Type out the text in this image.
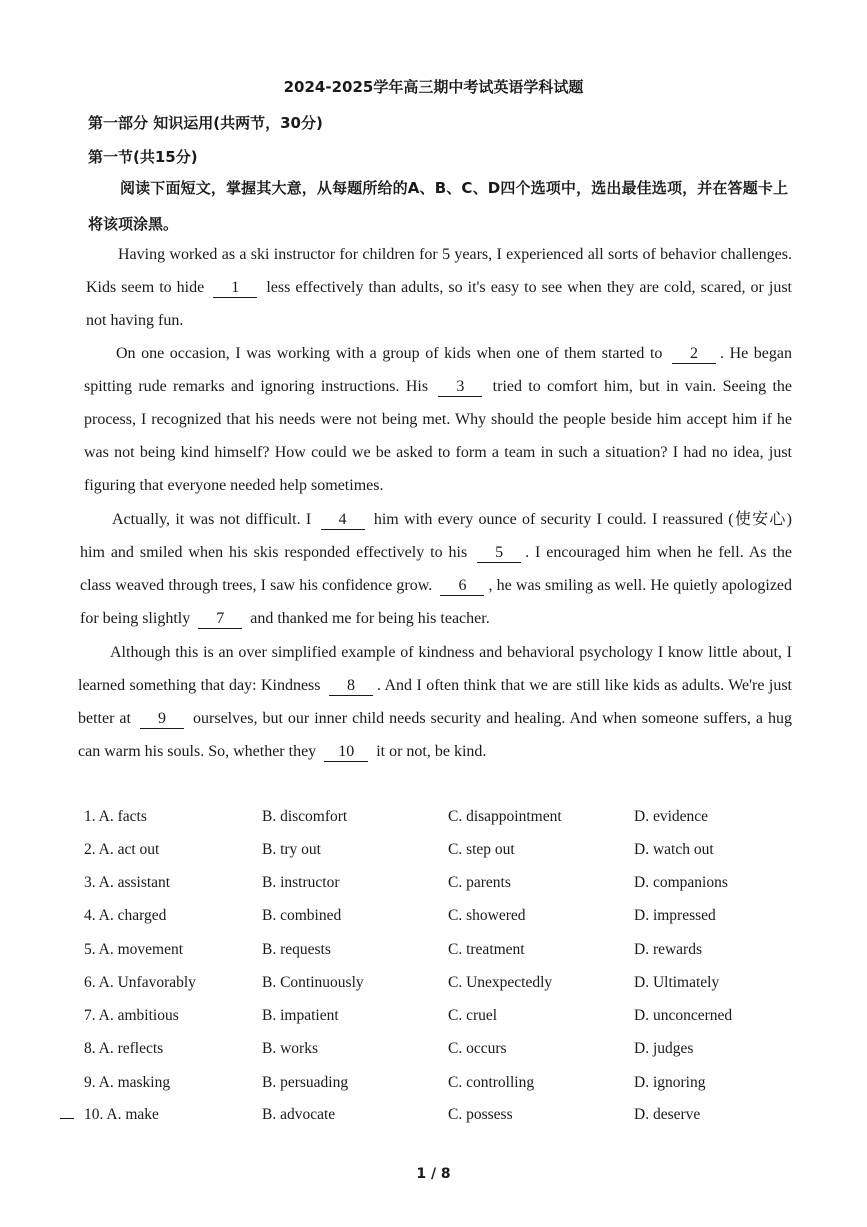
2024-2025学年高三期中考试英语学科试题
第一部分 知识运用(共两节，30分)
第一节(共15分)
阅读下面短文，掌握其大意，从每题所给的A、B、C、D四个选项中，选出最佳选项，并在答题卡上将该项涂黑。
Having worked as a ski instructor for children for 5 years, I experienced all sorts of behavior challenges. Kids seem to hide 1 less effectively than adults, so it's easy to see when they are cold, scared, or just not having fun.
On one occasion, I was working with a group of kids when one of them started to 2 . He began spitting rude remarks and ignoring instructions. His 3 tried to comfort him, but in vain. Seeing the process, I recognized that his needs were not being met. Why should the people beside him accept him if he was not being kind himself? How could we be asked to form a team in such a situation? I had no idea, just figuring that everyone needed help sometimes.
Actually, it was not difficult. I 4 him with every ounce of security I could. I reassured (使安心) him and smiled when his skis responded effectively to his 5 . I encouraged him when he fell. As the class weaved through trees, I saw his confidence grow. 6 , he was smiling as well. He quietly apologized for being slightly 7 and thanked me for being his teacher.
Although this is an over simplified example of kindness and behavioral psychology I know little about, I learned something that day: Kindness 8 . And I often think that we are still like kids as adults. We're just better at 9 ourselves, but our inner child needs security and healing. And when someone suffers, a hug can warm his souls. So, whether they 10 it or not, be kind.
1. A. facts	B. discomfort	C. disappointment	D. evidence
2. A. act out	B. try out	C. step out	D. watch out
3. A. assistant	B. instructor	C. parents	D. companions
4. A. charged	B. combined	C. showered	D. impressed
5. A. movement	B. requests	C. treatment	D. rewards
6. A. Unfavorably	B. Continuously	C. Unexpectedly	D. Ultimately
7. A. ambitious	B. impatient	C. cruel	D. unconcerned
8. A. reflects	B. works	C. occurs	D. judges
9. A. masking	B. persuading	C. controlling	D. ignoring
10. A. make	B. advocate	C. possess	D. deserve
1 / 8
